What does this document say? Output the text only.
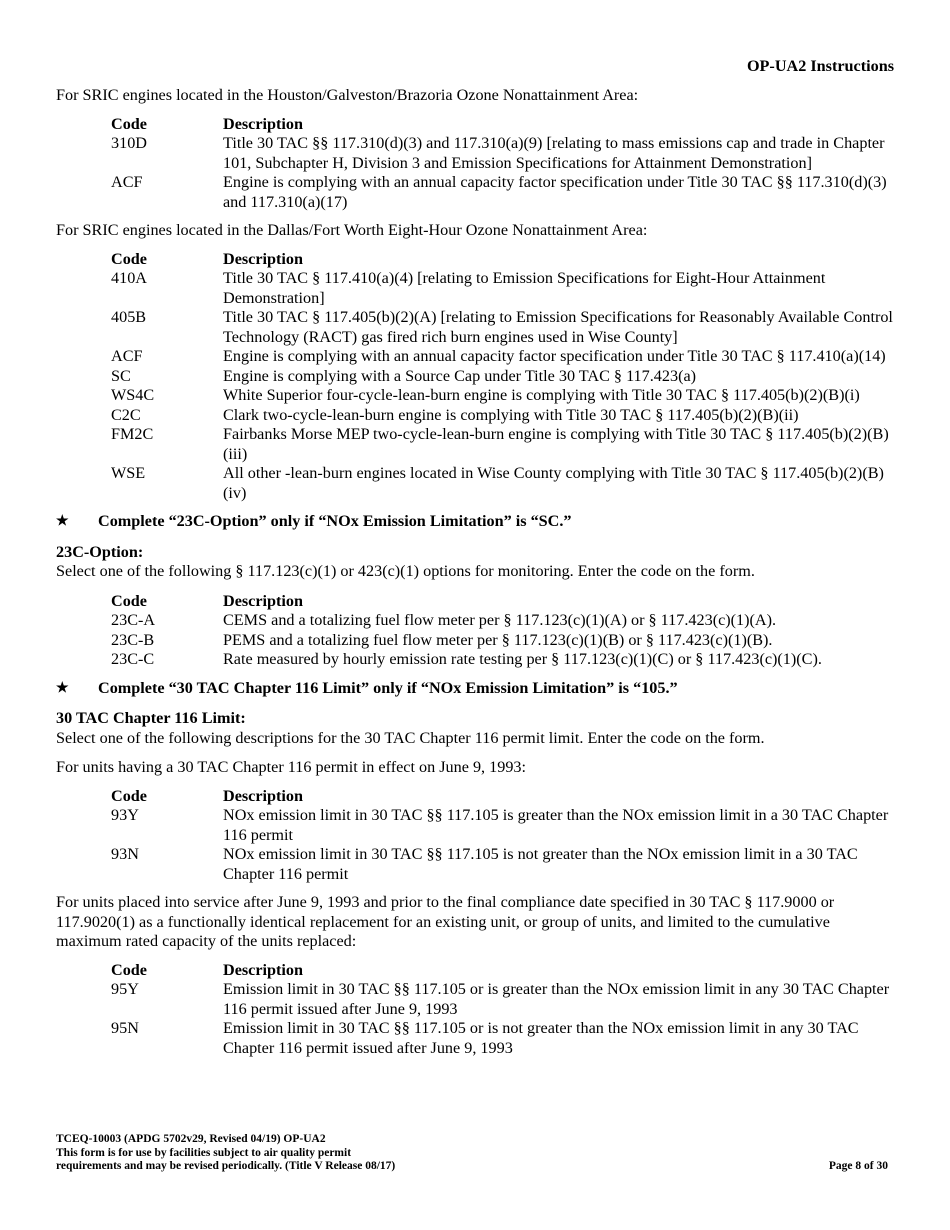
OP-UA2 Instructions

For SRIC engines located in the Houston/Galveston/Brazoria Ozone Nonattainment Area:

Code	Description
310D	Title 30 TAC §§ 117.310(d)(3) and 117.310(a)(9) [relating to mass emissions cap and trade in Chapter 101, Subchapter H, Division 3 and Emission Specifications for Attainment Demonstration]
ACF	Engine is complying with an annual capacity factor specification under Title 30 TAC §§ 117.310(d)(3) and 117.310(a)(17)

For SRIC engines located in the Dallas/Fort Worth Eight-Hour Ozone Nonattainment Area:

Code	Description
410A	Title 30 TAC § 117.410(a)(4) [relating to Emission Specifications for Eight-Hour Attainment Demonstration]
405B	Title 30 TAC § 117.405(b)(2)(A) [relating to Emission Specifications for Reasonably Available Control Technology (RACT) gas fired rich burn engines used in Wise County]
ACF	Engine is complying with an annual capacity factor specification under Title 30 TAC § 117.410(a)(14)
SC	Engine is complying with a Source Cap under Title 30 TAC § 117.423(a)
WS4C	White Superior four-cycle-lean-burn engine is complying with Title 30 TAC § 117.405(b)(2)(B)(i)
C2C	Clark two-cycle-lean-burn engine is complying with Title 30 TAC § 117.405(b)(2)(B)(ii)
FM2C	Fairbanks Morse MEP two-cycle-lean-burn engine is complying with Title 30 TAC § 117.405(b)(2)(B)(iii)
WSE	All other -lean-burn engines located in Wise County complying with Title 30 TAC § 117.405(b)(2)(B)(iv)
★	Complete “23C-Option” only if “NOx Emission Limitation” is “SC.”

23C-Option:

Select one of the following § 117.123(c)(1) or 423(c)(1) options for monitoring. Enter the code on the form.

Code	Description
23C-A	CEMS and a totalizing fuel flow meter per § 117.123(c)(1)(A) or § 117.423(c)(1)(A).
23C-B	PEMS and a totalizing fuel flow meter per § 117.123(c)(1)(B) or § 117.423(c)(1)(B).
23C-C	Rate measured by hourly emission rate testing per § 117.123(c)(1)(C) or § 117.423(c)(1)(C).
★	Complete “30 TAC Chapter 116 Limit” only if “NOx Emission Limitation” is “105.”

30 TAC Chapter 116 Limit:

Select one of the following descriptions for the 30 TAC Chapter 116 permit limit. Enter the code on the form.

For units having a 30 TAC Chapter 116 permit in effect on June 9, 1993:

Code	Description
93Y	NOx emission limit in 30 TAC §§ 117.105 is greater than the NOx emission limit in a 30 TAC Chapter 116 permit
93N	NOx emission limit in 30 TAC §§ 117.105 is not greater than the NOx emission limit in a 30 TAC Chapter 116 permit

For units placed into service after June 9, 1993 and prior to the final compliance date specified in 30 TAC § 117.9000 or 117.9020(1) as a functionally identical replacement for an existing unit, or group of units, and limited to the cumulative maximum rated capacity of the units replaced:

Code	Description
95Y	Emission limit in 30 TAC §§ 117.105 or is greater than the NOx emission limit in any 30 TAC Chapter 116 permit issued after June 9, 1993
95N	Emission limit in 30 TAC §§ 117.105 or is not greater than the NOx emission limit in any 30 TAC Chapter 116 permit issued after June 9, 1993
TCEQ-10003 (APDG 5702v29, Revised 04/19) OP-UA2
This form is for use by facilities subject to air quality permit
requirements and may be revised periodically. (Title V Release 08/17)	Page 8 of 30
